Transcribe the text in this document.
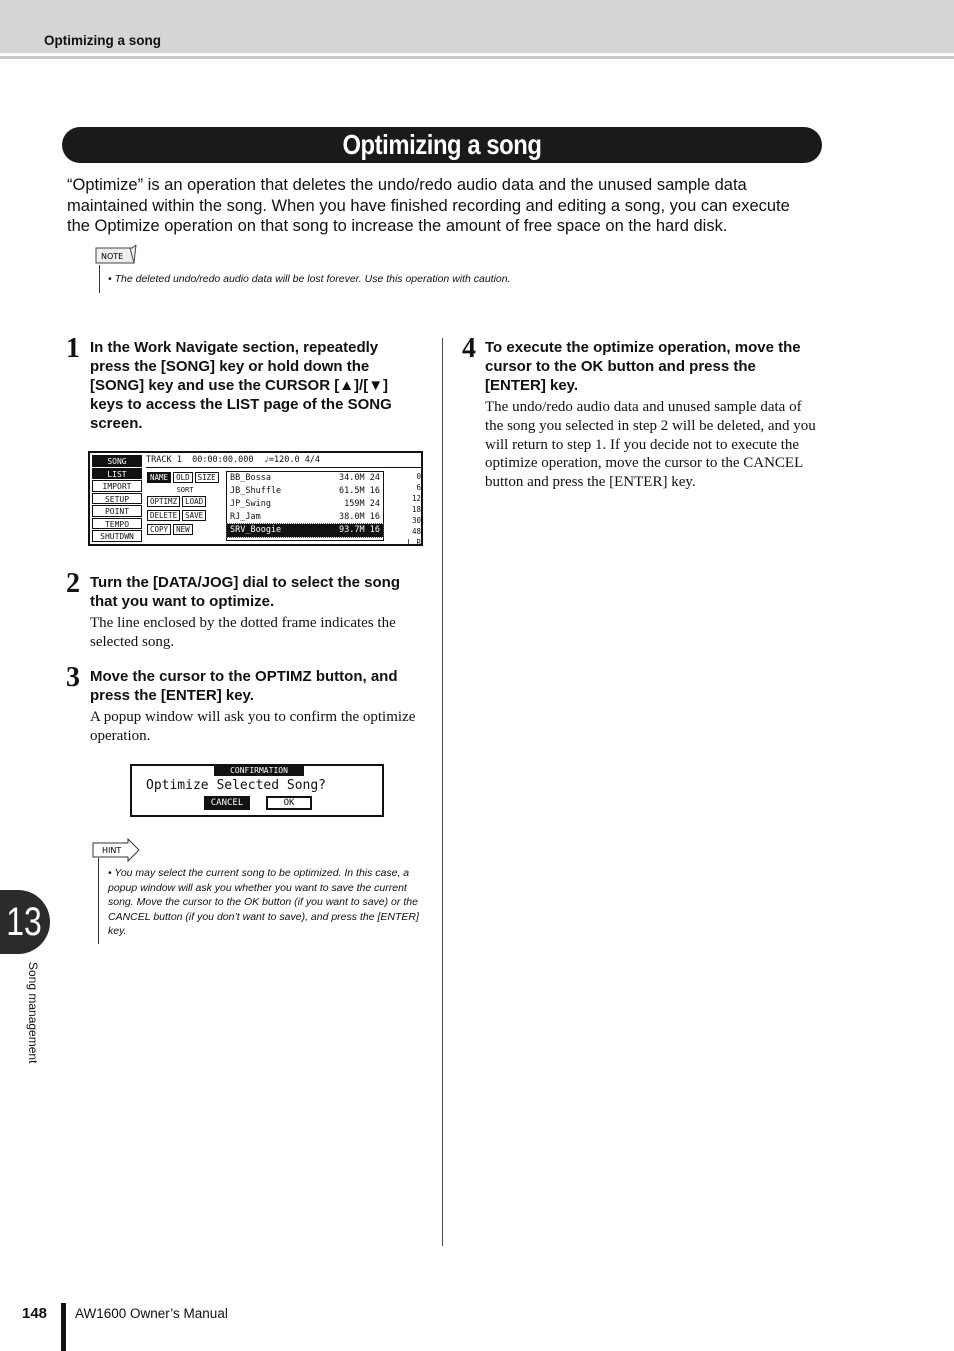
Optimizing a song
Optimizing a song

“Optimize” is an operation that deletes the undo/redo audio data and the unused sample data maintained within the song. When you have finished recording and editing a song, you can execute the Optimize operation on that song to increase the amount of free space on the hard disk.

NOTE
• The deleted undo/redo audio data will be lost forever. Use this operation with caution.
1 In the Work Navigate section, repeatedly press the [SONG] key or hold down the [SONG] key and use the CURSOR [▲]/[▼] keys to access the LIST page of the SONG screen.
SONG
LIST
IMPORT
SETUP
POINT
TEMPO
SHUTDWN
TRACK 1 00:00:00.000 ♩=120.0 4/4
NAME OLD SIZE
SORT
OPTIMZ LOAD DELETE SAVE COPY NEW
BB_Bossa	34.0M 24
JB_Shuffle	61.5M 16
JP_Swing	159M 24
RJ_Jam	38.0M 16
SRV_Boogie	93.7M 16
0
6
12
18
30
48
L R
2 Turn the [DATA/JOG] dial to select the song that you want to optimize.
The line enclosed by the dotted frame indicates the selected song.
3 Move the cursor to the OPTIMZ button, and press the [ENTER] key.
A popup window will ask you to confirm the optimize operation.
CONFIRMATION
Optimize Selected Song?
CANCEL	OK
HINT
• You may select the current song to be optimized. In this case, a popup window will ask you whether you want to save the current song. Move the cursor to the OK button (if you want to save) or the CANCEL button (if you don’t want to save), and press the [ENTER] key.
4 To execute the optimize operation, move the cursor to the OK button and press the [ENTER] key.
The undo/redo audio data and unused sample data of the song you selected in step 2 will be deleted, and you will return to step 1. If you decide not to execute the optimize operation, move the cursor to the CANCEL button and press the [ENTER] key.
13
Song management
148 AW1600 Owner’s Manual
